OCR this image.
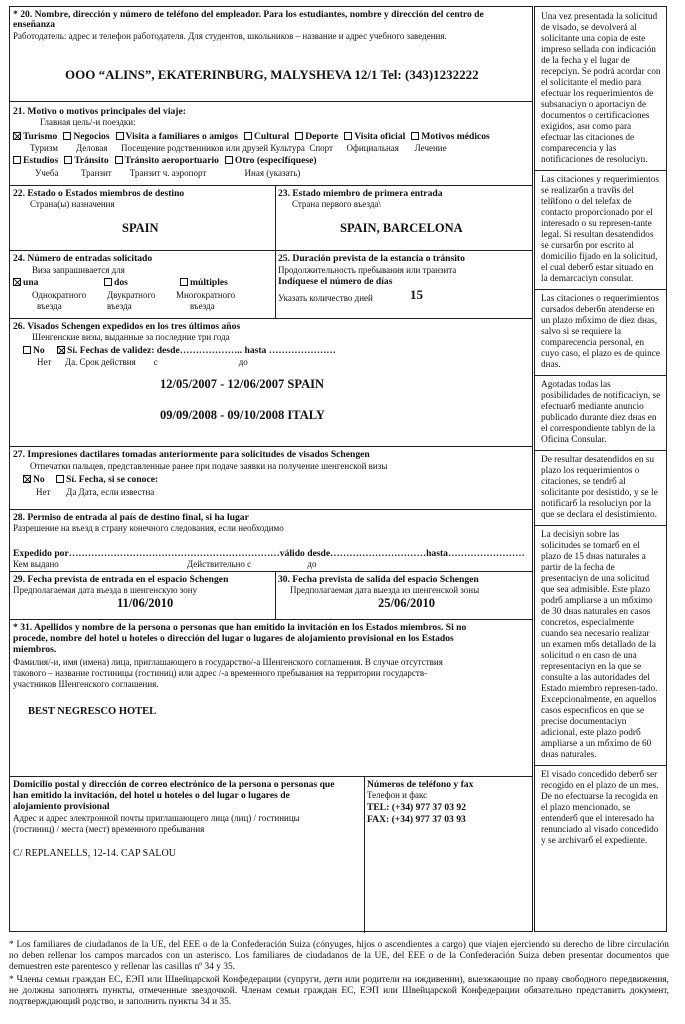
* 20. Nombre, dirección y número de teléfono del empleador. Para los estudiantes, nombre y dirección del centro de
enseñanza
Работодатель: адрес и телефон работодателя. Для студентов, школьников – название и адрес учебного заведения.
OOO “ALINS”, EKATERINBURG, MALYSHEVA 12/1 Tel: (343)1232222
21. Motivo o motivos principales del viaje:
Главная цель/-и поездки:
Turismo Negocios Visita a familiares o amigos Cultural Deporte Visita oficial Motivos médicos
Туризм        Деловая      Посещение родственников или друзей Культура  Спорт      Официальная       Лечение
Estudios Tránsito Tránsito aeroportuario Otro (especifíquese)
Учеба          Транзит        Транзит ч. аэропорт                 Иная (указать)
22. Estado o Estados miembros de destino
Страна(ы) назначения
SPAIN
23. Estado miembro de primera entrada
Страна первого въезда\
SPAIN, BARCELONA
24. Número de entradas solicitado
Виза запрашивается для
una	dos	múltiples
Однократного Двукратного Многократного
въезда	въезда	въезда
25. Duración prevista de la estancia o tránsito
Продолжительность пребывания или транзита
Indíquese el número de días
Указать количество дней	15
26. Visados Schengen expedidos en los tres últimos años
Шенгенские визы, выданные за последние три года
No	Sí. Fechas de validez: desde……………….. hasta …………………
Нет      Да. Срок действия        с                                    до
12/05/2007 - 12/06/2007 SPAIN
09/09/2008 - 09/10/2008 ITALY
27. Impresiones dactilares tomadas anteriormente para solicitudes de visados Schengen
Отпечатки пальцев, представленные ранее при подаче заявки на получение шенгенской визы
No	Sí. Fecha, si se conoce:
Нет       Да Дата, если известна
28. Permiso de entrada al país de destino final, si ha lugar
Разрешение на въезд в страну конечного следования, если необходимо
Expedido por…………………………………………………………válido desde…………………………hasta……………………
Кем выдано                                                         Действительно с                         до
29. Fecha prevista de entrada en el espacio Schengen
Предполагаемая дата въезда в шенгенскую зону
11/06/2010
30. Fecha prevista de salida del espacio Schengen
Предполагаемая дата выезда из шенгенской зоны
25/06/2010
* 31. Apellidos y nombre de la persona o personas que han emitido la invitación en los Estados miembros. Si no
procede, nombre del hotel u hoteles o dirección del lugar o lugares de alojamiento provisional en los Estados
miembros.
Фамилия/-и, имя (имена) лица, приглашающего в государство/-а Шенгенского соглашения. В случае отсутствия
такового – название гостиницы (гостиниц) или адрес /-а временного пребывания на территории государств-
участников Шенгенского соглашения.
BEST NEGRESCO HOTEL
Domicilio postal y dirección de correo electrónico de la persona o personas que
han emitido la invitación, del hotel u hoteles o del lugar o lugares de
alojamiento provisional
Адрес и адрес электронной почты приглашающего лица (лиц) / гостиницы
(гостиниц) / места (мест) временного пребывания
C/ REPLANELLS, 12-14. CAP SALOU
Números de teléfono y fax
Телефон и факс
TEL: (+34) 977 37 03 92
FAX: (+34) 977 37 03 93

Una vez presentada la solicitud de visado, se devolverá al solicitante una copia de este impreso sellada con indicación de la fecha y el lugar de recepciyn. Se podrá acordar con el solicitante el medio para efectuar los requerimientos de subsanaciyn o aportaciyn de documentos o certificaciones exigidos, asн como para efectuar las citaciones de comparecencia y las notificaciones de resoluciyn.

Las citaciones y requerimientos se realizarбn a travйs del telйfono o del telefax de contacto proporcionado por el interesado o su represen-tante legal. Si resultan desatendidos se cursarбn por escrito al domicilio fijado en la solicitud, el cual deberб estar situado en la demarcaciyn consular.

Las citaciones o requerimientos cursados deberбn atenderse en un plazo mбximo de diez dнas, salvo si se requiere la comparecencia personal, en cuyo caso, el plazo es de quince dнas.

Agotadas todas las posibilidades de notificaciyn, se efectuarб mediante anuncio publicado durante diez dнas en el correspondiente tablyn de la Oficina Consular.

De resultar desatendidos en su plazo los requerimientos o citaciones, se tendrб al solicitante por desistido, y se le notificarб la resoluciyn por la que se declara el desistimiento.

La decisiyn sobre las solicitudes se tomarб en el plazo de 15 dнas naturales a partir de la fecha de presentaciyn de una solicitud que sea admisible. Este plazo podrб ampliarse a un mбximo de 30 dнas naturales en casos concretos, especialmente cuando sea necesario realizar un examen mбs detallado de la solicitud o en caso de una representaciyn en la que se consulte a las autoridades del Estado miembro represen-tado. Excepcionalmente, en aquellos casos especнficos en que se precise documentaciyn adicional, este plazo podrб ampliarse a un mбximo de 60 dнas naturales.

El visado concedido deberб ser recogido en el plazo de un mes. De no efectuarse la recogida en el plazo mencionado, se entenderб que el interesado ha renunciado al visado concedido y se archivarб el expediente.

* Los familiares de ciudadanos de la UE, del EEE o de la Confederación Suiza (cónyuges, hijos o ascendientes a cargo) que viajen ejerciendo su derecho de libre circulación no deben rellenar los campos marcados con un asterisco. Los familiares de ciudadanos de la UE, del EEE o de la Confederación Suiza deben presentar documentos que demuestren este parentesco y rellenar las casillas nº 34 y 35.

* Члены семьи граждан ЕС, ЕЭП или Швейцарской Конфедерации (супруги, дети или родители на иждивении), выезжающие по праву свободного передвижения, не должны заполнять пункты, отмеченные звездочкой. Членам семьи граждан ЕС, ЕЭП или Швейцарской Конфедерации обязательно представить документ, подтверждающий родство, и заполнить пункты 34 и 35.
